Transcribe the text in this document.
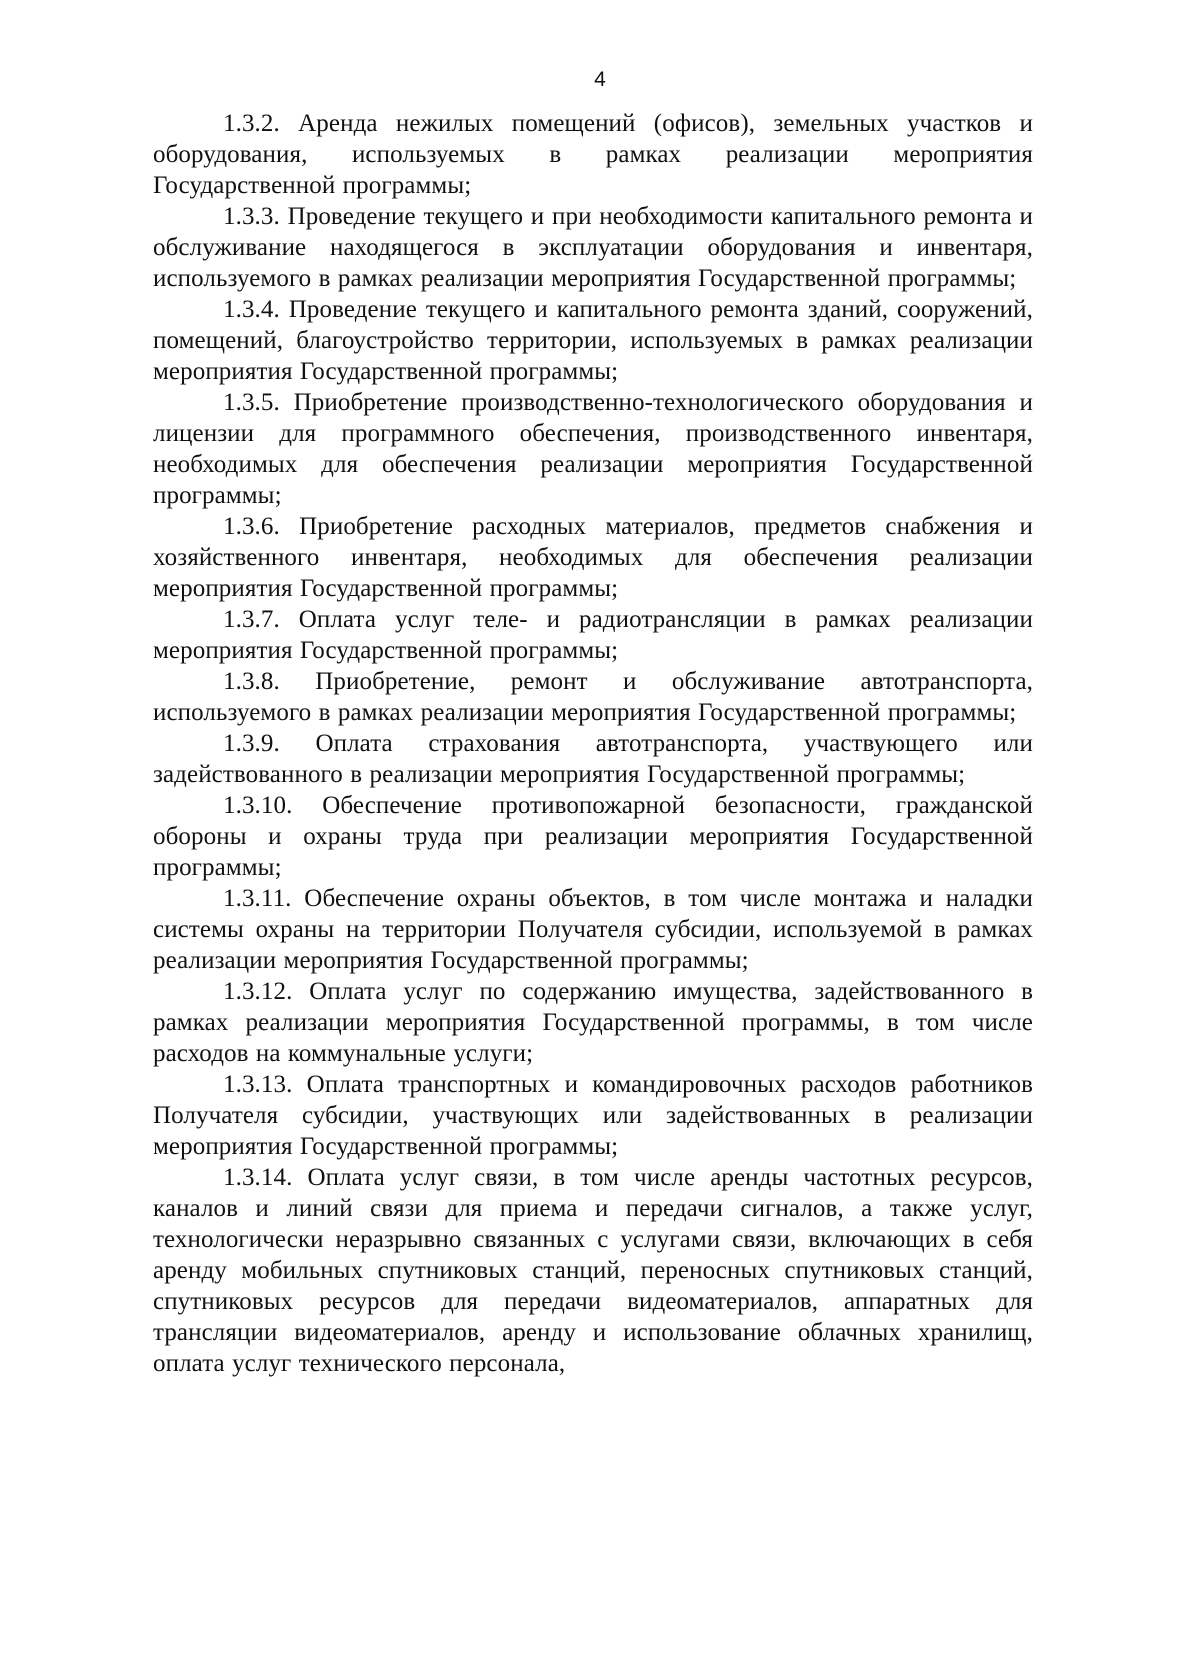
4

1.3.2. Аренда нежилых помещений (офисов), земельных участков и оборудования, используемых в рамках реализации мероприятия Государственной программы;

1.3.3. Проведение текущего и при необходимости капитального ремонта и обслуживание находящегося в эксплуатации оборудования и инвентаря, используемого в рамках реализации мероприятия Государственной программы;

1.3.4. Проведение текущего и капитального ремонта зданий, сооружений, помещений, благоустройство территории, используемых в рамках реализации мероприятия Государственной программы;

1.3.5. Приобретение производственно-технологического оборудования и лицензии для программного обеспечения, производственного инвентаря, необходимых для обеспечения реализации мероприятия Государственной программы;

1.3.6. Приобретение расходных материалов, предметов снабжения и хозяйственного инвентаря, необходимых для обеспечения реализации мероприятия Государственной программы;

1.3.7. Оплата услуг теле- и радиотрансляции в рамках реализации мероприятия Государственной программы;

1.3.8. Приобретение, ремонт и обслуживание автотранспорта, используемого в рамках реализации мероприятия Государственной программы;

1.3.9. Оплата страхования автотранспорта, участвующего или задействованного в реализации мероприятия Государственной программы;

1.3.10. Обеспечение противопожарной безопасности, гражданской обороны и охраны труда при реализации мероприятия Государственной программы;

1.3.11. Обеспечение охраны объектов, в том числе монтажа и наладки системы охраны на территории Получателя субсидии, используемой в рамках реализации мероприятия Государственной программы;

1.3.12. Оплата услуг по содержанию имущества, задействованного в рамках реализации мероприятия Государственной программы, в том числе расходов на коммунальные услуги;

1.3.13. Оплата транспортных и командировочных расходов работников Получателя субсидии, участвующих или задействованных в реализации мероприятия Государственной программы;

1.3.14. Оплата услуг связи, в том числе аренды частотных ресурсов, каналов и линий связи для приема и передачи сигналов, а также услуг, технологически неразрывно связанных с услугами связи, включающих в себя аренду мобильных спутниковых станций, переносных спутниковых станций, спутниковых ресурсов для передачи видеоматериалов, аппаратных для трансляции видеоматериалов, аренду и использование облачных хранилищ, оплата услуг технического персонала,
